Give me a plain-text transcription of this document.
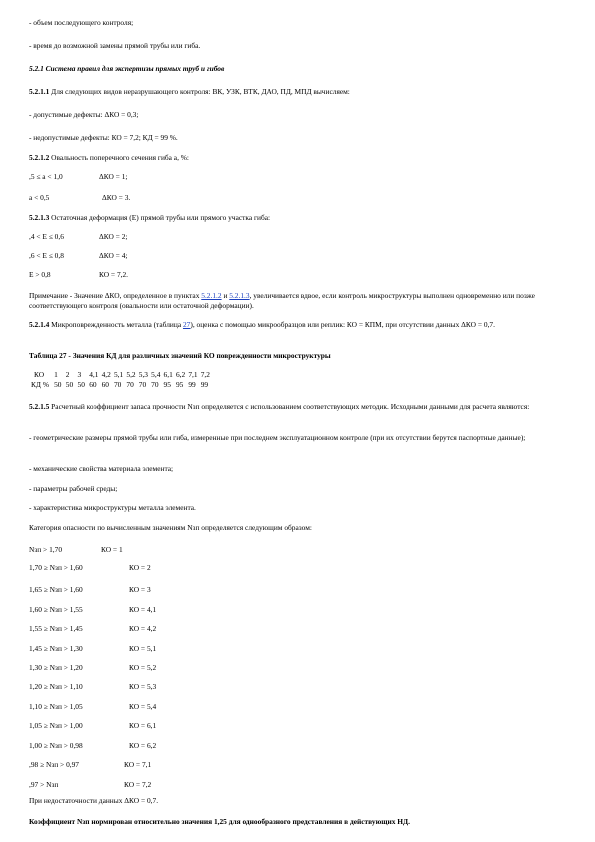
- объем последующего контроля;

- время до возможной замены прямой трубы или гиба.

5.2.1 Система правил для экспертизы прямых труб и гибов

5.2.1.1 Для следующих видов неразрушающего контроля: ВК, УЗК, ВТК, ДАО, ПД, МПД вычисляем:

- допустимые дефекты: ΔКО = 0,3;

- недопустимые дефекты: КО = 7,2; КД = 99 %.

5.2.1.2 Овальность поперечного сечения гиба а, %:

,5 ≤ а < 1,0	ΔКО = 1;

а < 0,5	ΔКО = 3.

5.2.1.3 Остаточная деформация (Е) прямой трубы или прямого участка гиба:

,4 < Е ≤ 0,6	ΔКО = 2;

,6 < Е ≤ 0,8	ΔКО = 4;

Е > 0,8	КО = 7,2.

Примечание - Значение ΔКО, определенное в пунктах 5.2.1.2 и 5.2.1.3, увеличивается вдвое, если контроль микроструктуры выполнен одновременно или позже соответствующего контроля (овальности или остаточной деформации).

5.2.1.4 Микроповрежденность металла (таблица 27), оценка с помощью микрообразцов или реплик: КО = КПМ, при отсутствии данных ΔКО = 0,7.

Таблица 27 - Значения КД для различных значений КО поврежденности микроструктуры

КО	1	2	3	4,1	4,2	5,1	5,2	5,3	5,4	6,1	6,2	7,1	7,2
КД %	50	50	50	60	60	70	70	70	70	95	95	99	99

5.2.1.5 Расчетный коэффициент запаса прочности Nзп определяется с использованием соответствующих методик. Исходными данными для расчета являются:

- геометрические размеры прямой трубы или гиба, измеренные при последнем эксплуатационном контроле (при их отсутствии берутся паспортные данные);

- механические свойства материала элемента;

- параметры рабочей среды;

- характеристика микроструктуры металла элемента.

Категория опасности по вычисленным значениям Nзп определяется следующим образом:

Nзп > 1,70	КО = 1

1,70 ≥ Nзп > 1,60	КО = 2

1,65 ≥ Nзп > 1,60	КО = 3

1,60 ≥ Nзп > 1,55	КО = 4,1

1,55 ≥ Nзп > 1,45	КО = 4,2

1,45 ≥ Nзп > 1,30	КО = 5,1

1,30 ≥ Nзп > 1,20	КО = 5,2

1,20 ≥ Nзп > 1,10	КО = 5,3

1,10 ≥ Nзп > 1,05	КО = 5,4

1,05 ≥ Nзп > 1,00	КО = 6,1

1,00 ≥ Nзп > 0,98	КО = 6,2

,98 ≥ Nзп > 0,97	КО = 7,1

,97 > Nзп	КО = 7,2

При недостаточности данных ΔКО = 0,7.

Коэффициент Nзп нормирован относительно значения 1,25 для однообразного представления в действующих НД.
